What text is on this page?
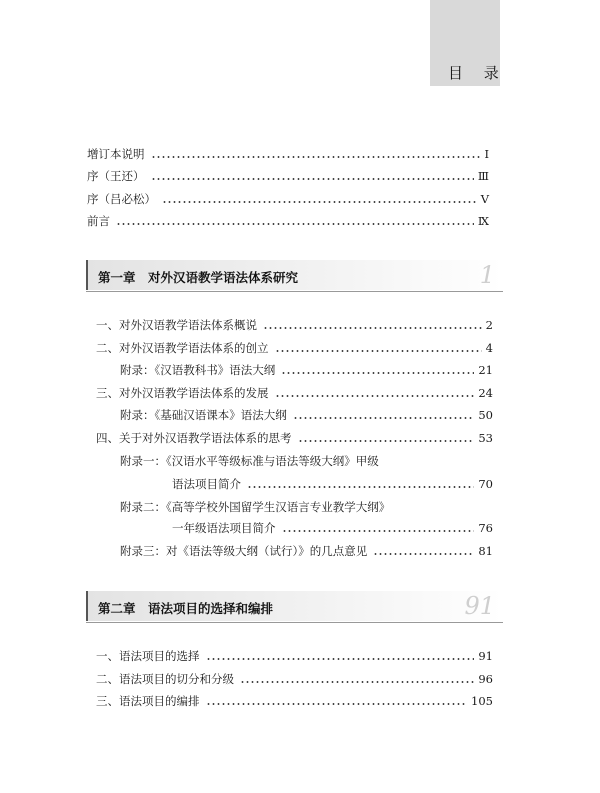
目 录
增订本说明	Ⅰ
序（王还）	Ⅲ
序（吕必松）	Ⅴ
前言	Ⅸ
第一章　对外汉语教学语法体系研究	1
一、对外汉语教学语法体系概说	2
二、对外汉语教学语法体系的创立	4
附录：《汉语教科书》语法大纲	21
三、对外汉语教学语法体系的发展	24
附录：《基础汉语课本》语法大纲	50
四、关于对外汉语教学语法体系的思考	53
附录一：《汉语水平等级标准与语法等级大纲》甲级
语法项目简介	70
附录二：《高等学校外国留学生汉语言专业教学大纲》
一年级语法项目简介	76
附录三：对《语法等级大纲（试行）》的几点意见	81
第二章　语法项目的选择和编排	91
一、语法项目的选择	91
二、语法项目的切分和分级	96
三、语法项目的编排	105
